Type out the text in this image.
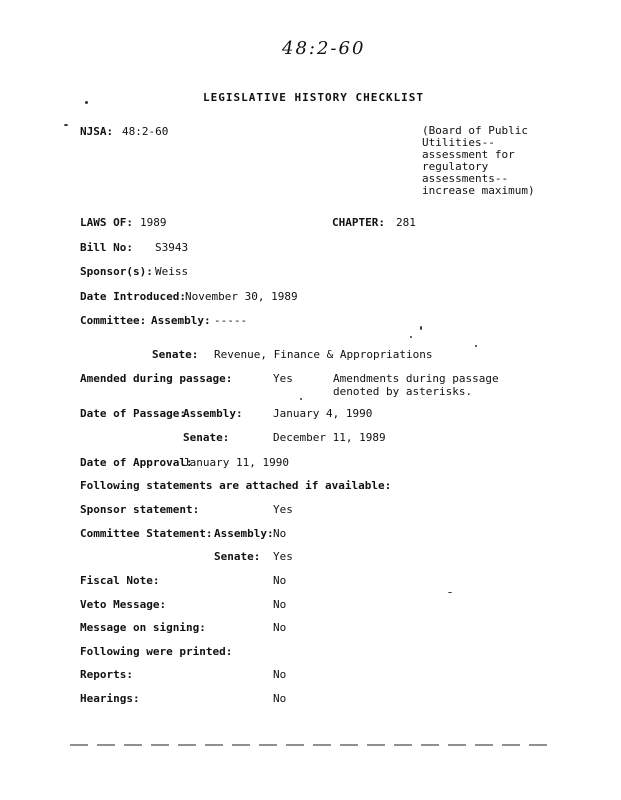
48:2-60
LEGISLATIVE HISTORY CHECKLIST
NJSA: 48:2-60	(Board of Public Utilities--assessment for regulatory assessments--increase maximum)
LAWS OF: 1989	CHAPTER: 281
Bill No: S3943
Sponsor(s): Weiss
Date Introduced: November 30, 1989
Committee: Assembly: -----
Senate: Revenue, Finance & Appropriations
Amended during passage:	Yes	Amendments during passage denoted by asterisks.
Date of Passage:
Assembly:	January 4, 1990
Senate:	December 11, 1989
Date of Approval:
January 11, 1990
Following statements are attached if available:
Sponsor statement:	Yes
Committee Statement: Assembly: No
Senate: Yes
Fiscal Note:	No
Veto Message:	No
Message on signing:	No
Following were printed:
Reports:	No
Hearings:	No
